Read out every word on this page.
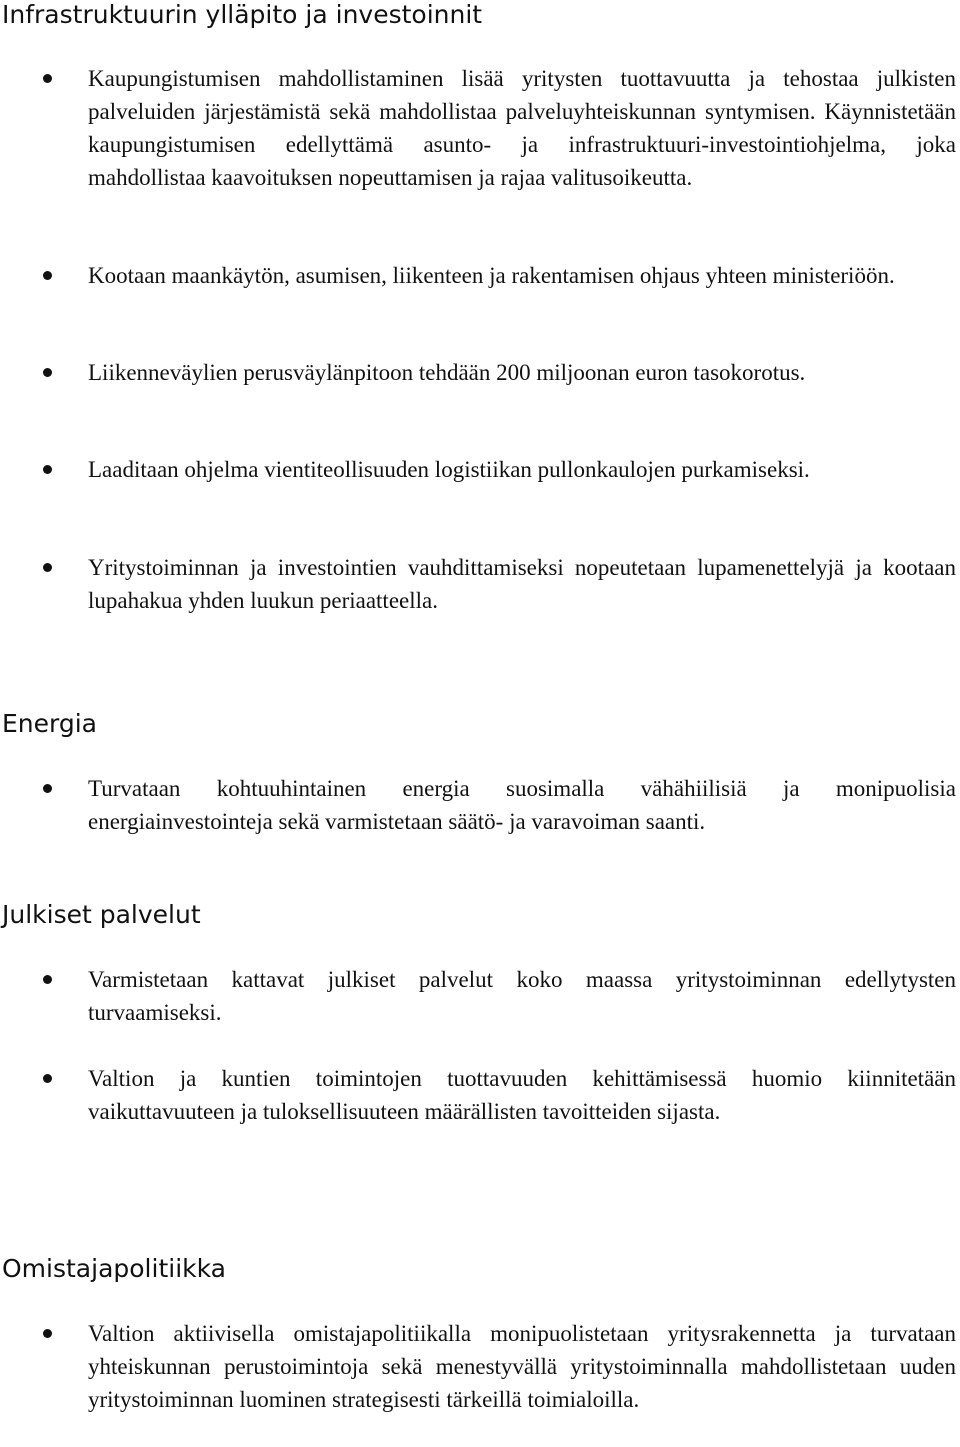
Infrastruktuurin ylläpito ja investoinnit

Kaupungistumisen mahdollistaminen lisää yritysten tuottavuutta ja tehostaa julkisten palveluiden järjestämistä sekä mahdollistaa palveluyhteiskunnan syntymisen. Käynnistetään kaupungistumisen edellyttämä asunto- ja infrastruktuuri-investointiohjelma, joka mahdollistaa kaavoituksen nopeuttamisen ja rajaa valitusoikeutta.

Kootaan maankäytön, asumisen, liikenteen ja rakentamisen ohjaus yhteen ministeriöön.

Liikenneväylien perusväylänpitoon tehdään 200 miljoonan euron tasokorotus.

Laaditaan ohjelma vientiteollisuuden logistiikan pullonkaulojen purkamiseksi.

Yritystoiminnan ja investointien vauhdittamiseksi nopeutetaan lupamenettelyjä ja kootaan lupahakua yhden luukun periaatteella.

Energia

Turvataan kohtuuhintainen energia suosimalla vähähiilisiä ja monipuolisia energiainvestointeja sekä varmistetaan säätö- ja varavoiman saanti.

Julkiset palvelut

Varmistetaan kattavat julkiset palvelut koko maassa yritystoiminnan edellytysten turvaamiseksi.

Valtion ja kuntien toimintojen tuottavuuden kehittämisessä huomio kiinnitetään vaikuttavuuteen ja tuloksellisuuteen määrällisten tavoitteiden sijasta.

Omistajapolitiikka

Valtion aktiivisella omistajapolitiikalla monipuolistetaan yritysrakennetta ja turvataan yhteiskunnan perustoimintoja sekä menestyvällä yritystoiminnalla mahdollistetaan uuden yritystoiminnan luominen strategisesti tärkeillä toimialoilla.
